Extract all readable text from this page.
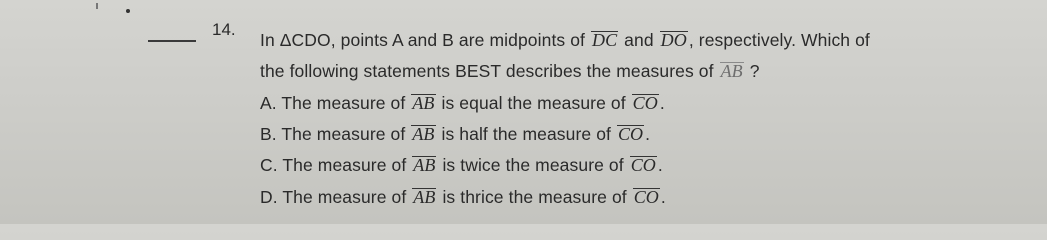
14.
In ΔCDO, points A and B are midpoints of DC and DO , respectively. Which of
the following statements BEST describes the measures of AB ?
A. The measure of AB is equal the measure of CO .
B. The measure of AB is half the measure of CO .
C. The measure of AB is twice the measure of CO .
D. The measure of AB is thrice the measure of CO .
